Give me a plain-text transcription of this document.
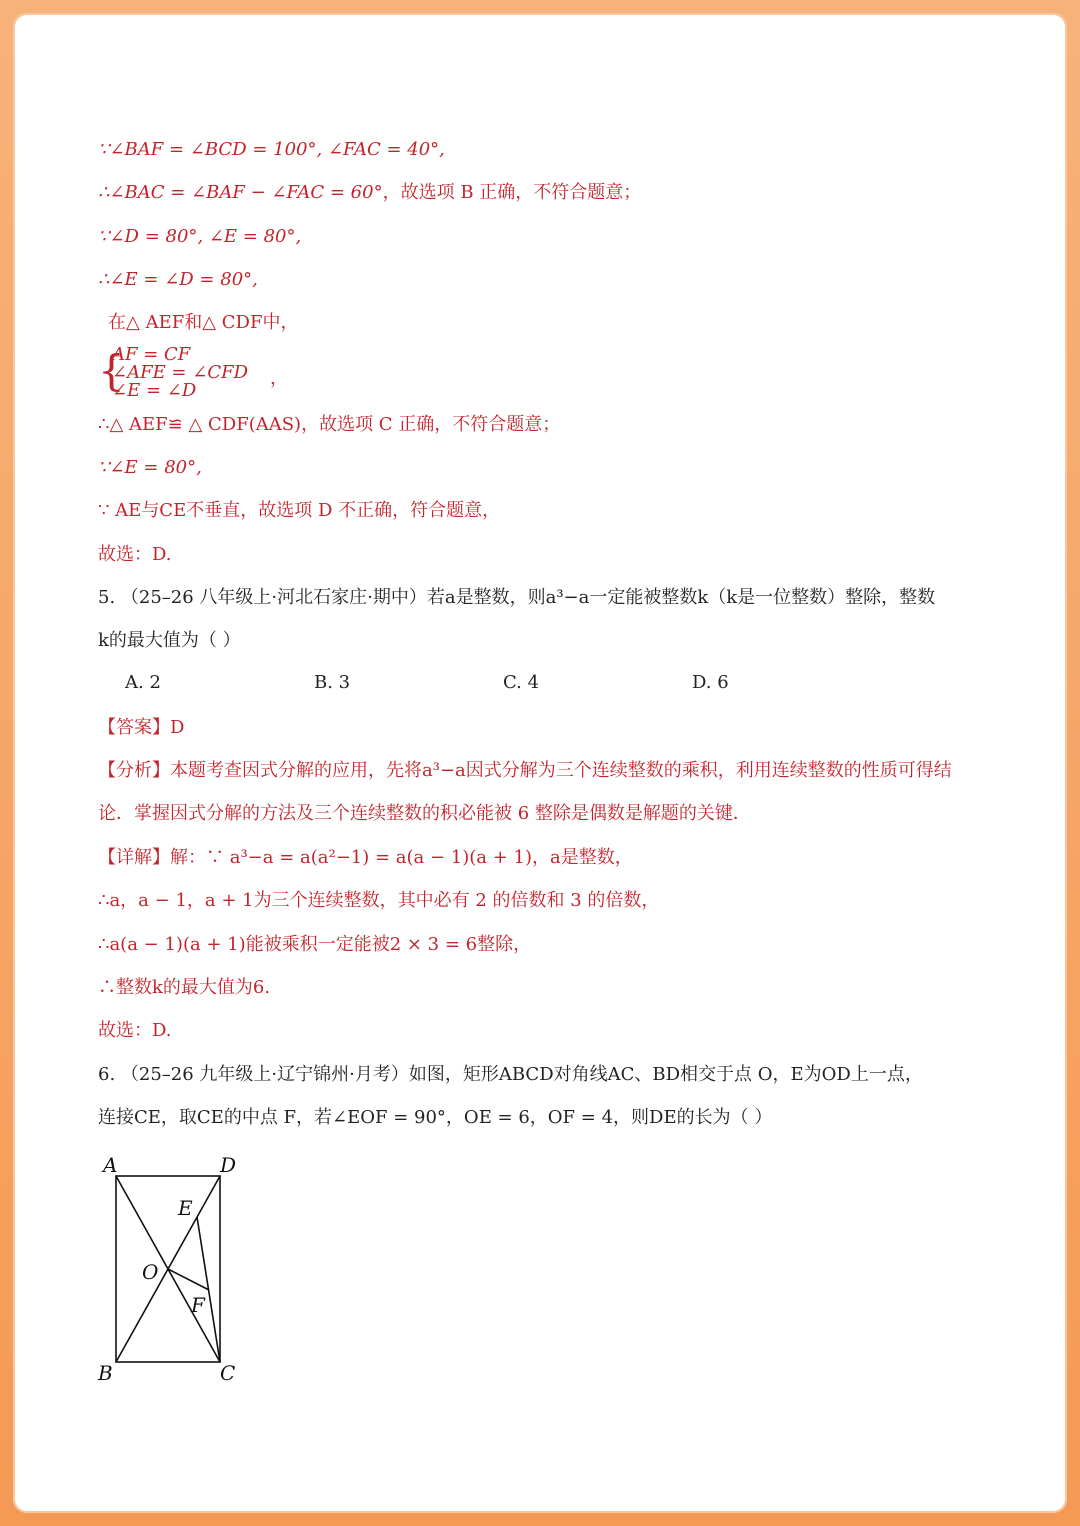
∵∠BAF = ∠BCD = 100°, ∠FAC = 40°,
∴∠BAC = ∠BAF − ∠FAC = 60°，故选项 B 正确，不符合题意；
∵∠D = 80°, ∠E = 80°,
∴∠E = ∠D = 80°,
在△ AEF和△ CDF中，
{
AF = CF
∠AFE = ∠CFD
∠E = ∠D
，
∴△ AEF≌ △ CDF(AAS)，故选项 C 正确，不符合题意；
∵∠E = 80°,
∵ AE与CE不垂直，故选项 D 不正确，符合题意，
故选：D.
5. （25–26 八年级上·河北石家庄·期中）若a是整数，则a³−a一定能被整数k（k是一位整数）整除，整数
k的最大值为（ ）
A. 2	B. 3	C. 4	D. 6
【答案】D
【分析】本题考查因式分解的应用，先将a³−a因式分解为三个连续整数的乘积，利用连续整数的性质可得结
论．掌握因式分解的方法及三个连续整数的积必能被 6 整除是偶数是解题的关键．
【详解】解：∵ a³−a = a(a²−1) = a(a − 1)(a + 1)，a是整数，
∴a，a − 1，a + 1为三个连续整数，其中必有 2 的倍数和 3 的倍数，
∴a(a − 1)(a + 1)能被乘积一定能被2 × 3 = 6整除，
∴整数k的最大值为6.
故选：D.
6. （25–26 九年级上·辽宁锦州·月考）如图，矩形ABCD对角线AC、BD相交于点 O，E为OD上一点，
连接CE，取CE的中点 F，若∠EOF = 90°，OE = 6，OF = 4，则DE的长为（ ）
A	D
E
O
F
B	C
